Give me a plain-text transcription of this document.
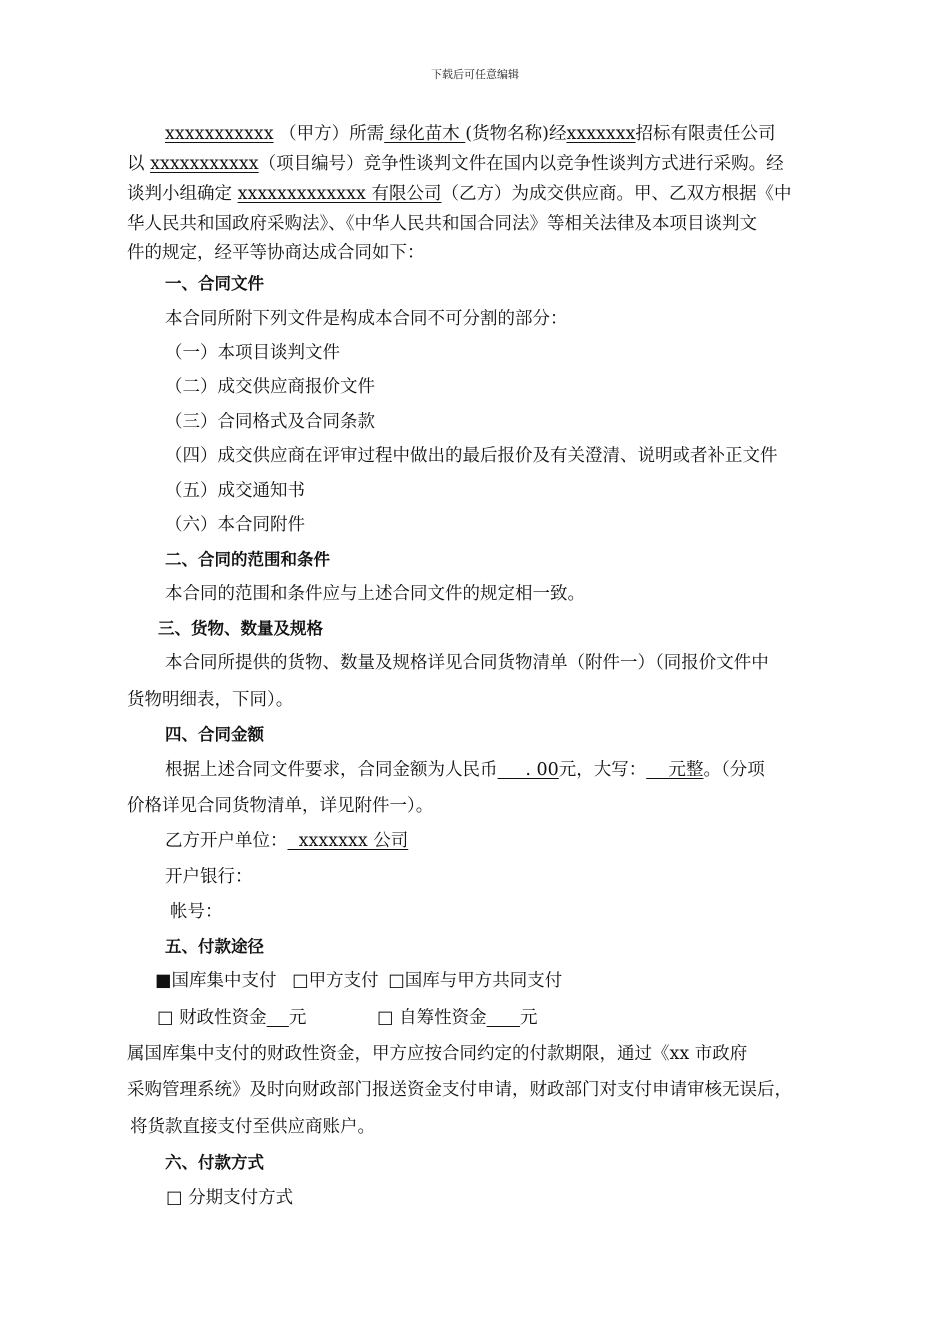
下载后可任意编辑
xxxxxxxxxxx （甲方）所需 绿化苗木 (货物名称)经xxxxxxx招标有限责任公司
以 xxxxxxxxxxx（项目编号）竞争性谈判文件在国内以竞争性谈判方式进行采购。经
谈判小组确定 xxxxxxxxxxxxx 有限公司（乙方）为成交供应商。甲、乙双方根据《中
华人民共和国政府采购法》、《中华人民共和国合同法》等相关法律及本项目谈判文
件的规定，经平等协商达成合同如下：
一、合同文件
本合同所附下列文件是构成本合同不可分割的部分：
（一）本项目谈判文件
（二）成交供应商报价文件
（三）合同格式及合同条款
（四）成交供应商在评审过程中做出的最后报价及有关澄清、说明或者补正文件
（五）成交通知书
（六）本合同附件
二、合同的范围和条件
本合同的范围和条件应与上述合同文件的规定相一致。
三、货物、数量及规格
本合同所提供的货物、数量及规格详见合同货物清单（附件一）（同报价文件中
货物明细表，下同）。
四、合同金额
根据上述合同文件要求，合同金额为人民币     . 00元，大写：    元整。（分项
价格详见合同货物清单，详见附件一）。
乙方开户单位：  xxxxxxx 公司
开户银行：
帐号：
五、付款途径
■国库集中支付 □甲方支付 □国库与甲方共同支付
□ 财政性资金 元	□ 自筹性资金 元
属国库集中支付的财政性资金，甲方应按合同约定的付款期限，通过《xx 市政府
采购管理系统》及时向财政部门报送资金支付申请，财政部门对支付申请审核无误后，
将货款直接支付至供应商账户。
六、付款方式
□ 分期支付方式
